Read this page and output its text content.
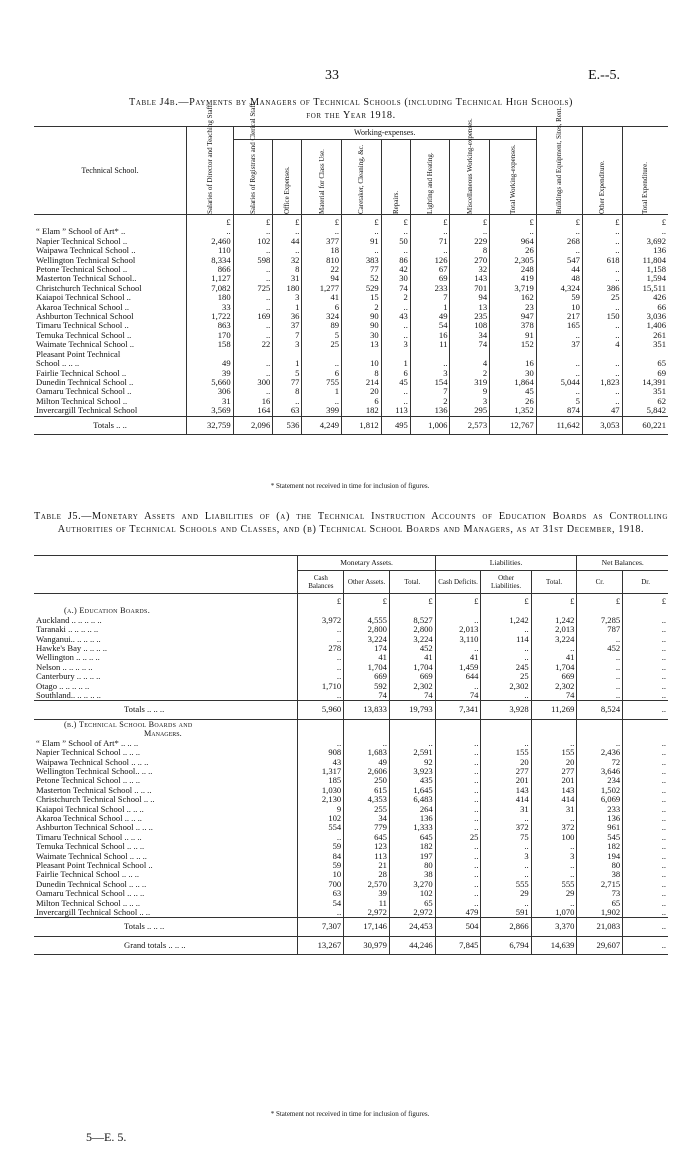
33	E.--5.
Table J4b.—Payments by Managers of Technical Schools (including Technical High Schools)
for the Year 1918.
Technical School.	Salaries of Director and Teaching Staff	Working-expenses.								Buildings and Equipment, Sites, Rent.	Other Expenditure.	Total Expenditure.

		Salaries of Registrars and Clerical Staff.	Office Expenses.	Material for Class Use.	Caretaker, Cleaning, &c.	Repairs.	Lighting and Heating.	Miscellaneous Working-expenses.	Total Working-expenses.			

	£	£	£	£	£	£	£	£	£	£	£	£
“ Elam ” School of Art* ..	..	..	..	..	..	..	..	..	..	..	..	..
Napier Technical School ..	2,460	102	44	377	91	50	71	229	964	268	..	3,692
Waipawa Technical School ..	110	..	..	18	..	..	..	8	26	..	..	136
Wellington Technical School	8,334	598	32	810	383	86	126	270	2,305	547	618	11,804
Petone Technical School ..	866	..	8	22	77	42	67	32	248	44	..	1,158
Masterton Technical School..	1,127	..	31	94	52	30	69	143	419	48	..	1,594
Christchurch Technical School	7,082	725	180	1,277	529	74	233	701	3,719	4,324	386	15,511
Kaiapoi Technical School ..	180	..	3	41	15	2	7	94	162	59	25	426
Akaroa Technical School ..	33	..	1	6	2	..	1	13	23	10	..	66
Ashburton Technical School	1,722	169	36	324	90	43	49	235	947	217	150	3,036
Timaru Technical School ..	863	..	37	89	90	..	54	108	378	165	..	1,406
Temuka Technical School ..	170	..	7	5	30	..	16	34	91	..	..	261
Waimate Technical School ..	158	22	3	25	13	3	11	74	152	37	4	351
Pleasant Point Technical												
School .. .. ..	49	..	1	..	10	1	..	4	16	..	..	65
Fairlie Technical School ..	39	..	5	6	8	6	3	2	30	..	..	69
Dunedin Technical School ..	5,660	300	77	755	214	45	154	319	1,864	5,044	1,823	14,391
Oamaru Technical School ..	306	..	8	1	20	..	7	9	45	..	..	351
Milton Technical School ..	31	16	..	..	6	..	2	3	26	5	..	62
Invercargill Technical School	3,569	164	63	399	182	113	136	295	1,352	874	47	5,842
Totals .. ..	32,759	2,096	536	4,249	1,812	495	1,006	2,573	12,767	11,642	3,053	60,221
* Statement not received in time for inclusion of figures.
Table J5.—Monetary Assets and Liabilities of (a) the Technical Instruction Accounts of Education Boards as Controlling Authorities of Technical Schools and Classes, and (b) Technical School Boards and Managers, as at 31st December, 1918.
	Monetary Assets.			Liabilities.			Net Balances.	
	Cash Balances	Other Assets.	Total.	Cash Deficits.	Other Liabilities.	Total.	Cr.	Dr.
	£	£	£	£	£	£	£	£
(a.) Education Boards.								
Auckland .. .. .. .. ..	3,972	4,555	8,527	..	1,242	1,242	7,285	..
Taranaki .. .. .. .. ..	..	2,800	2,800	2,013	..	2,013	787	..
Wanganui.. .. .. .. ..	..	3,224	3,224	3,110	114	3,224	..	..
Hawke's Bay .. .. .. ..	278	174	452	..	..	..	452	..
Wellington .. .. .. ..	..	41	41	41	..	41	..	..
Nelson .. .. .. .. ..	..	1,704	1,704	1,459	245	1,704	..	..
Canterbury .. .. .. ..	..	669	669	644	25	669	..	..
Otago .. .. .. .. ..	1,710	592	2,302	..	2,302	2,302	..	..
Southland.. .. .. .. ..	..	74	74	74	..	74	..	..
Totals .. .. ..	5,960	13,833	19,793	7,341	3,928	11,269	8,524	..
(b.) Technical School Boards and								
Managers.								
“ Elam ” School of Art* .. .. ..	..	..	..	..	..	..	..	..
Napier Technical School .. .. ..	908	1,683	2,591	..	155	155	2,436	..
Waipawa Technical School .. .. ..	43	49	92	..	20	20	72	..
Wellington Technical School.. .. ..	1,317	2,606	3,923	..	277	277	3,646	..
Petone Technical School .. .. ..	185	250	435	..	201	201	234	..
Masterton Technical School .. .. ..	1,030	615	1,645	..	143	143	1,502	..
Christchurch Technical School .. ..	2,130	4,353	6,483	..	414	414	6,069	..
Kaiapoi Technical School .. .. ..	9	255	264	..	31	31	233	..
Akaroa Technical School .. .. ..	102	34	136	..	..	..	136	..
Ashburton Technical School .. .. ..	554	779	1,333	..	372	372	961	..
Timaru Technical School .. .. ..	..	645	645	25	75	100	545	..
Temuka Technical School .. .. ..	59	123	182	..	..	..	182	..
Waimate Technical School .. .. ..	84	113	197	..	3	3	194	..
Pleasant Point Technical School ..	59	21	80	..	..	..	80	..
Fairlie Technical School .. .. ..	10	28	38	..	..	..	38	..
Dunedin Technical School .. .. ..	700	2,570	3,270	..	555	555	2,715	..
Oamaru Technical School .. .. ..	63	39	102	..	29	29	73	..
Milton Technical School .. .. ..	54	11	65	..	..	..	65	..
Invercargill Technical School .. ..	..	2,972	2,972	479	591	1,070	1,902	..
Totals .. .. ..	7,307	17,146	24,453	504	2,866	3,370	21,083	..
Grand totals .. .. ..	13,267	30,979	44,246	7,845	6,794	14,639	29,607	..
* Statement not received in time for inclusion of figures.
5—E. 5.
